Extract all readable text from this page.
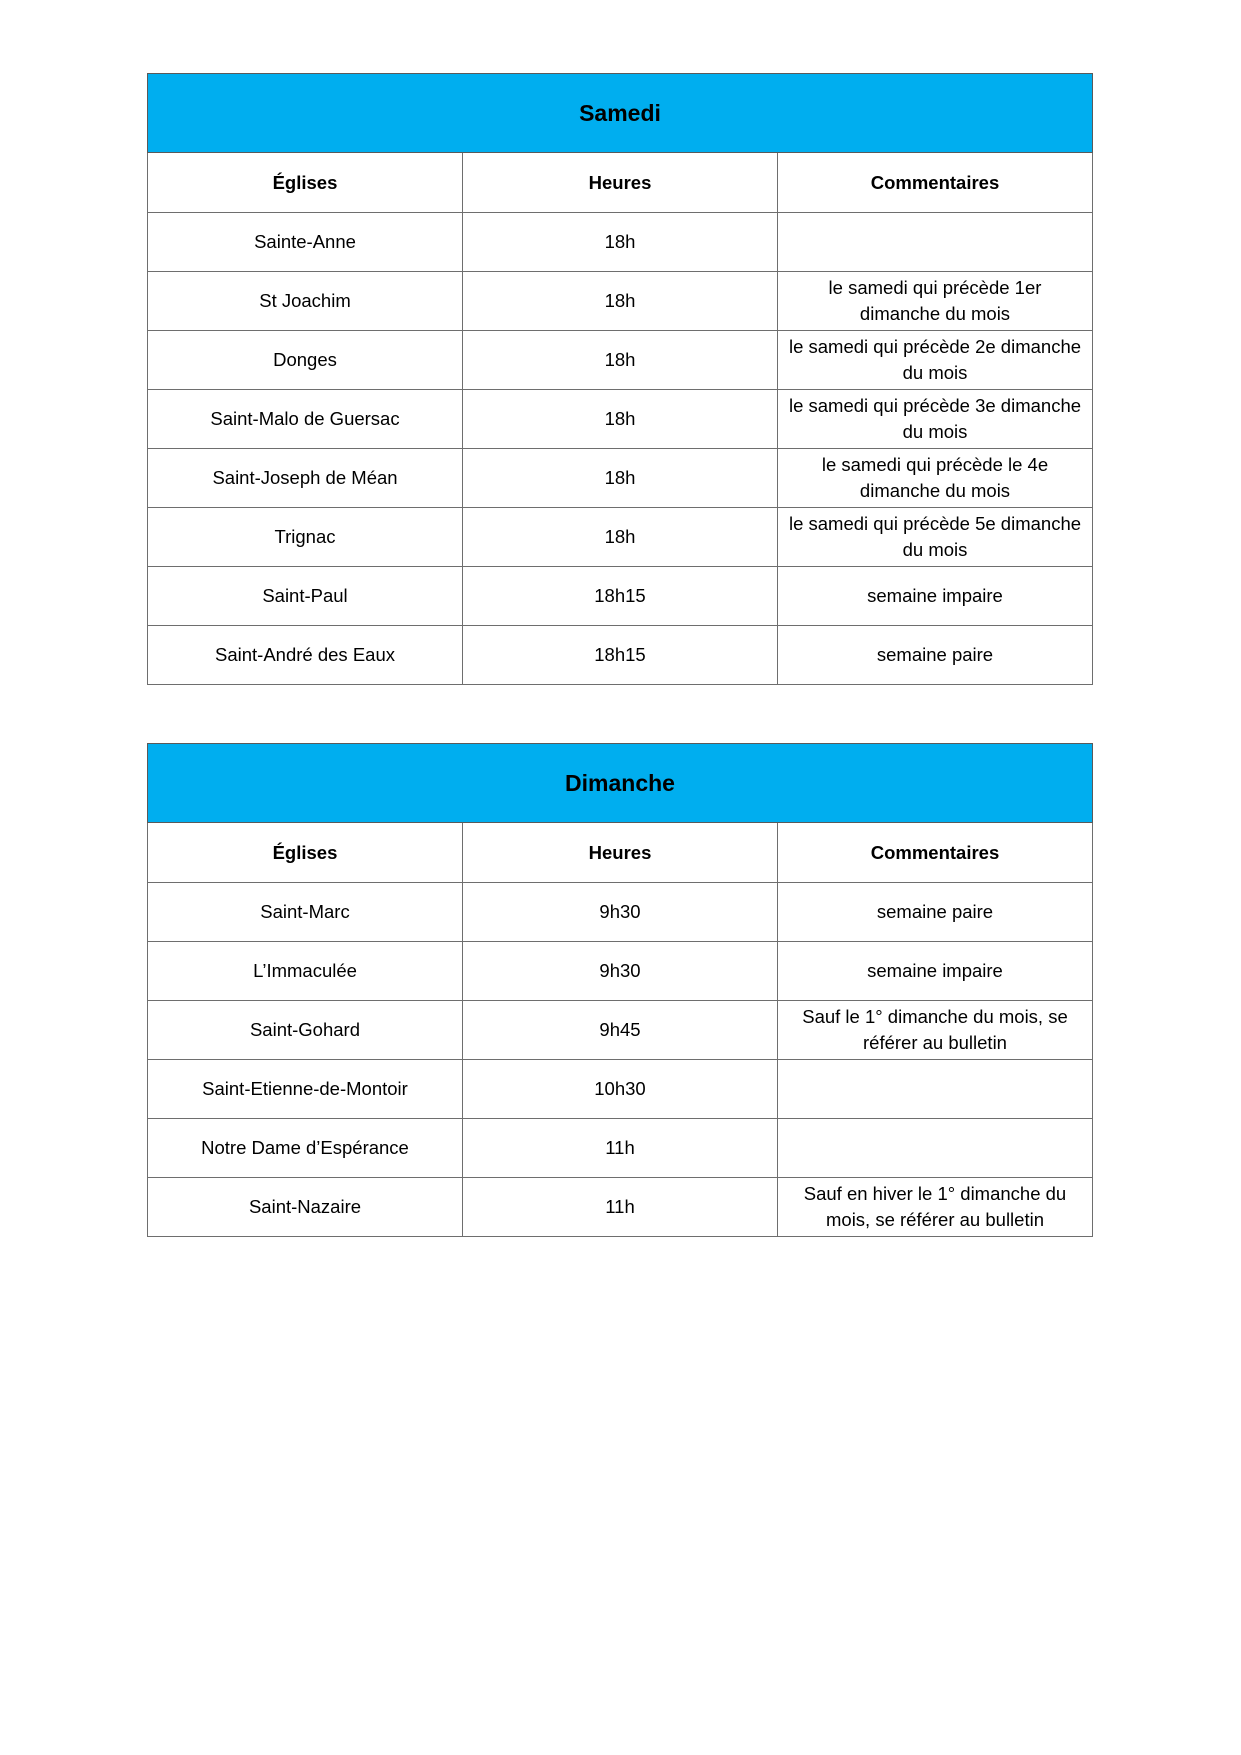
Samedi		
Églises	Heures	Commentaires
Sainte-Anne	18h	
St Joachim	18h	le samedi qui précède 1er dimanche du mois
Donges	18h	le samedi qui précède 2e dimanche du mois
Saint-Malo de Guersac	18h	le samedi qui précède 3e dimanche du mois
Saint-Joseph de Méan	18h	le samedi qui précède le 4e dimanche du mois
Trignac	18h	le samedi qui précède 5e dimanche du mois
Saint-Paul	18h15	semaine impaire
Saint-André des Eaux	18h15	semaine paire
Dimanche		
Églises	Heures	Commentaires
Saint-Marc	9h30	semaine paire
L’Immaculée	9h30	semaine impaire
Saint-Gohard	9h45	Sauf le 1° dimanche du mois, se référer au bulletin
Saint-Etienne-de-Montoir	10h30	
Notre Dame d’Espérance	11h	
Saint-Nazaire	11h	Sauf en hiver le 1° dimanche du mois, se référer au bulletin
